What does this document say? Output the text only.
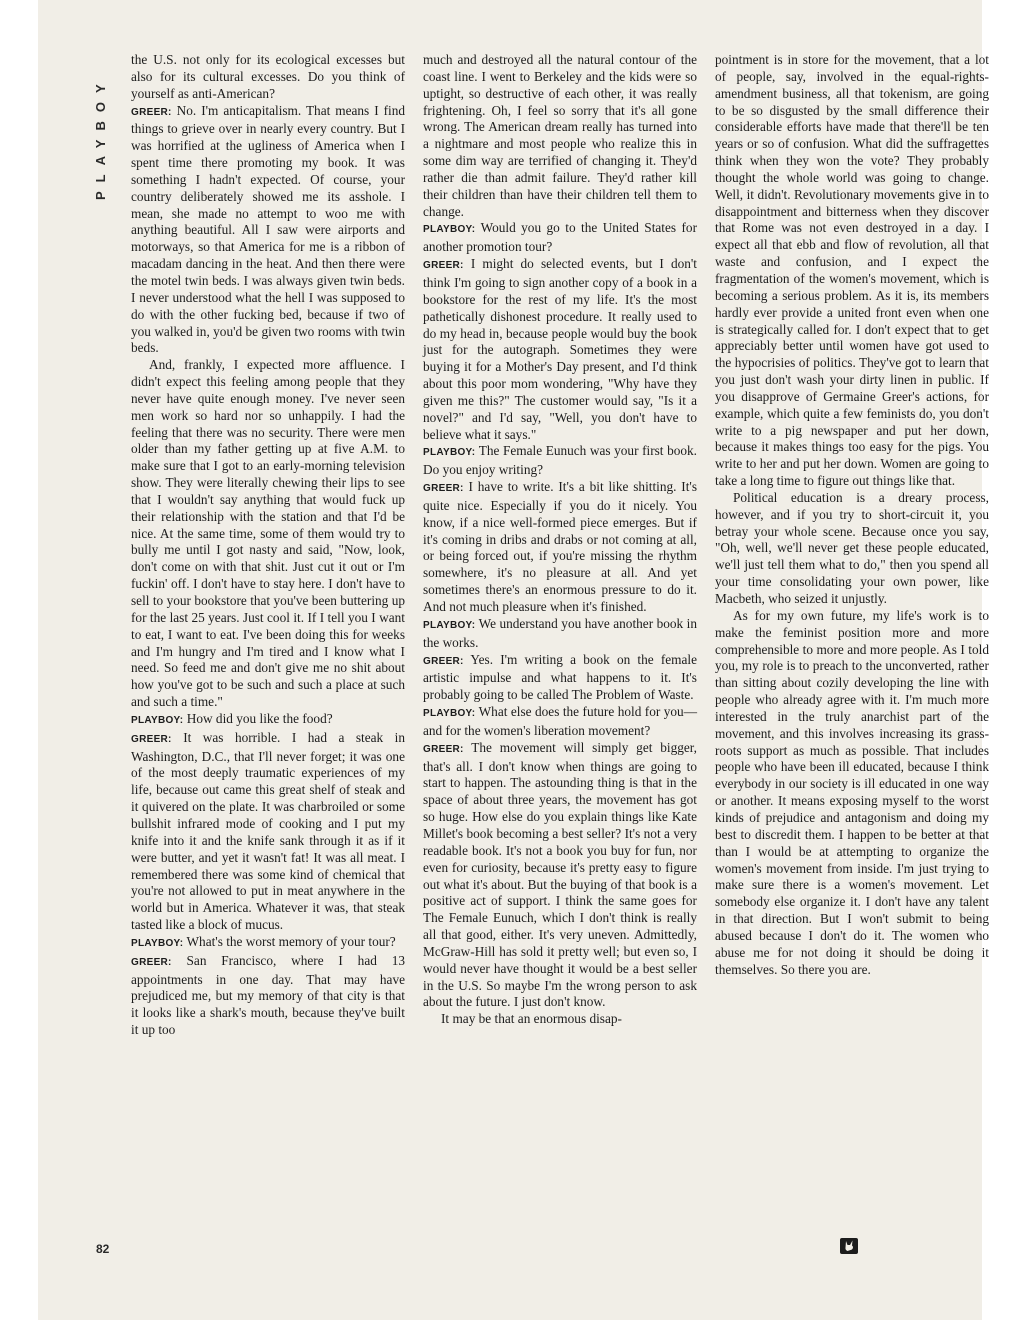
PLAYBOY

the U.S. not only for its ecological excesses but also for its cultural excesses. Do you think of yourself as anti-American?

GREER: No. I'm anticapitalism. That means I find things to grieve over in nearly every country. But I was horrified at the ugliness of America when I spent time there promoting my book. It was something I hadn't expected. Of course, your country deliberately showed me its asshole. I mean, she made no attempt to woo me with anything beautiful. All I saw were airports and motorways, so that America for me is a ribbon of macadam dancing in the heat. And then there were the motel twin beds. I was always given twin beds. I never understood what the hell I was supposed to do with the other fucking bed, because if two of you walked in, you'd be given two rooms with twin beds.

And, frankly, I expected more affluence. I didn't expect this feeling among people that they never have quite enough money. I've never seen men work so hard nor so unhappily. I had the feeling that there was no security. There were men older than my father getting up at five A.M. to make sure that I got to an early-morning television show. They were literally chewing their lips to see that I wouldn't say anything that would fuck up their relationship with the station and that I'd be nice. At the same time, some of them would try to bully me until I got nasty and said, "Now, look, don't come on with that shit. Just cut it out or I'm fuckin' off. I don't have to stay here. I don't have to sell to your bookstore that you've been buttering up for the last 25 years. Just cool it. If I tell you I want to eat, I want to eat. I've been doing this for weeks and I'm hungry and I'm tired and I know what I need. So feed me and don't give me no shit about how you've got to be such and such a place at such and such a time."

PLAYBOY: How did you like the food?

GREER: It was horrible. I had a steak in Washington, D.C., that I'll never forget; it was one of the most deeply traumatic experiences of my life, because out came this great shelf of steak and it quivered on the plate. It was charbroiled or some bullshit infrared mode of cooking and I put my knife into it and the knife sank through it as if it were butter, and yet it wasn't fat! It was all meat. I remembered there was some kind of chemical that you're not allowed to put in meat anywhere in the world but in America. Whatever it was, that steak tasted like a block of mucus.

PLAYBOY: What's the worst memory of your tour?

GREER: San Francisco, where I had 13 appointments in one day. That may have prejudiced me, but my memory of that city is that it looks like a shark's mouth, because they've built it up too

much and destroyed all the natural contour of the coast line. I went to Berkeley and the kids were so uptight, so destructive of each other, it was really frightening. Oh, I feel so sorry that it's all gone wrong. The American dream really has turned into a nightmare and most people who realize this in some dim way are terrified of changing it. They'd rather die than admit failure. They'd rather kill their children than have their children tell them to change.

PLAYBOY: Would you go to the United States for another promotion tour?

GREER: I might do selected events, but I don't think I'm going to sign another copy of a book in a bookstore for the rest of my life. It's the most pathetically dishonest procedure. It really used to do my head in, because people would buy the book just for the autograph. Sometimes they were buying it for a Mother's Day present, and I'd think about this poor mom wondering, "Why have they given me this?" The customer would say, "Is it a novel?" and I'd say, "Well, you don't have to believe what it says."

PLAYBOY: The Female Eunuch was your first book. Do you enjoy writing?

GREER: I have to write. It's a bit like shitting. It's quite nice. Especially if you do it nicely. You know, if a nice well-formed piece emerges. But if it's coming in dribs and drabs or not coming at all, or being forced out, if you're missing the rhythm somewhere, it's no pleasure at all. And yet sometimes there's an enormous pressure to do it. And not much pleasure when it's finished.

PLAYBOY: We understand you have another book in the works.

GREER: Yes. I'm writing a book on the female artistic impulse and what happens to it. It's probably going to be called The Problem of Waste.

PLAYBOY: What else does the future hold for you—and for the women's liberation movement?

GREER: The movement will simply get bigger, that's all. I don't know when things are going to start to happen. The astounding thing is that in the space of about three years, the movement has got so huge. How else do you explain things like Kate Millet's book becoming a best seller? It's not a very readable book. It's not a book you buy for fun, nor even for curiosity, because it's pretty easy to figure out what it's about. But the buying of that book is a positive act of support. I think the same goes for The Female Eunuch, which I don't think is really all that good, either. It's very uneven. Admittedly, McGraw-Hill has sold it pretty well; but even so, I would never have thought it would be a best seller in the U.S. So maybe I'm the wrong person to ask about the future. I just don't know.

It may be that an enormous disap-

pointment is in store for the movement, that a lot of people, say, involved in the equal-rights-amendment business, all that tokenism, are going to be so disgusted by the small difference their considerable efforts have made that there'll be ten years or so of confusion. What did the suffragettes think when they won the vote? They probably thought the whole world was going to change. Well, it didn't. Revolutionary movements give in to disappointment and bitterness when they discover that Rome was not even destroyed in a day. I expect all that ebb and flow of revolution, all that waste and confusion, and I expect the fragmentation of the women's movement, which is becoming a serious problem. As it is, its members hardly ever provide a united front even when one is strategically called for. I don't expect that to get appreciably better until women have got used to the hypocrisies of politics. They've got to learn that you just don't wash your dirty linen in public. If you disapprove of Germaine Greer's actions, for example, which quite a few feminists do, you don't write to a pig newspaper and put her down, because it makes things too easy for the pigs. You write to her and put her down. Women are going to take a long time to figure out things like that.

Political education is a dreary process, however, and if you try to short-circuit it, you betray your whole scene. Because once you say, "Oh, well, we'll never get these people educated, we'll just tell them what to do," then you spend all your time consolidating your own power, like Macbeth, who seized it unjustly.

As for my own future, my life's work is to make the feminist position more and more comprehensible to more and more people. As I told you, my role is to preach to the unconverted, rather than sitting about cozily developing the line with people who already agree with it. I'm much more interested in the truly anarchist part of the movement, and this involves increasing its grass-roots support as much as possible. That includes people who have been ill educated, because I think everybody in our society is ill educated in one way or another. It means exposing myself to the worst kinds of prejudice and antagonism and doing my best to discredit them. I happen to be better at that than I would be at attempting to organize the women's movement from inside. I'm just trying to make sure there is a women's movement. Let somebody else organize it. I don't have any talent in that direction. But I won't submit to being abused because I don't do it. The women who abuse me for not doing it should be doing it themselves. So there you are.

82
